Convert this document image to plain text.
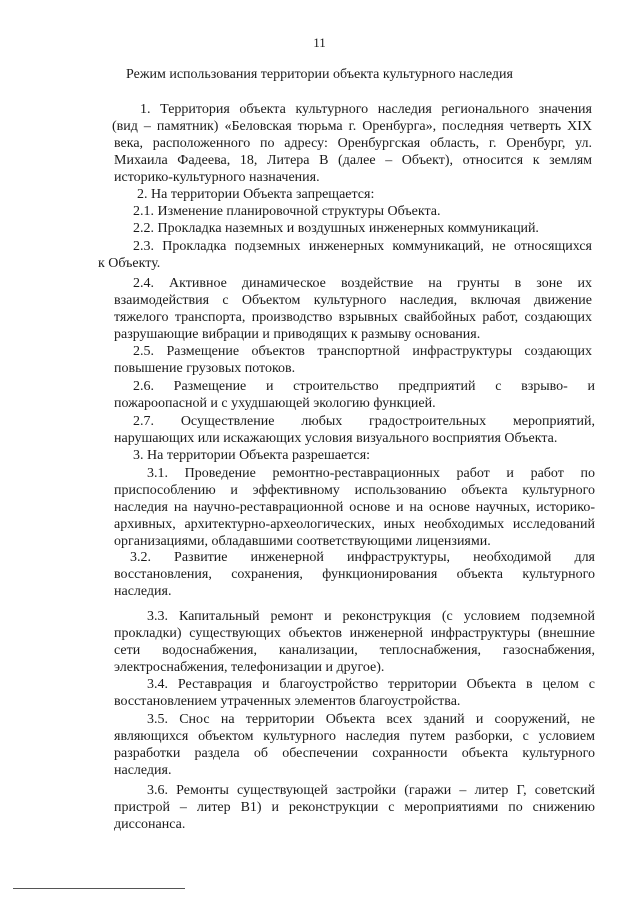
11
Режим использования территории объекта культурного наследия
1. Территория объекта культурного наследия регионального значения
(вид – памятник) «Беловская тюрьма г. Оренбурга», последняя четверть XIX
века, расположенного по адресу: Оренбургская область, г. Оренбург, ул.
Михаила Фадеева, 18, Литера В (далее – Объект), относится к землям
историко-культурного назначения.
2. На территории Объекта запрещается:
2.1. Изменение планировочной структуры Объекта.
2.2. Прокладка наземных и воздушных инженерных коммуникаций.
2.3. Прокладка подземных инженерных коммуникаций, не относящихся
к Объекту.
2.4. Активное динамическое воздействие на грунты в зоне их
взаимодействия с Объектом культурного наследия, включая движение
тяжелого транспорта, производство взрывных свайбойных работ, создающих
разрушающие вибрации и приводящих к размыву основания.
2.5. Размещение объектов транспортной инфраструктуры создающих
повышение грузовых потоков.
2.6. Размещение и строительство предприятий с взрыво- и
пожароопасной и с ухудшающей экологию функцией.
2.7. Осуществление любых градостроительных мероприятий,
нарушающих или искажающих условия визуального восприятия Объекта.
3. На территории Объекта разрешается:
3.1. Проведение ремонтно-реставрационных работ и работ по
приспособлению и эффективному использованию объекта культурного
наследия на научно-реставрационной основе и на основе научных, историко-
архивных, архитектурно-археологических, иных необходимых исследований
организациями, обладавшими соответствующими лицензиями.
3.2. Развитие инженерной инфраструктуры, необходимой для
восстановления, сохранения, функционирования объекта культурного
наследия.
3.3. Капитальный ремонт и реконструкция (с условием подземной
прокладки) существующих объектов инженерной инфраструктуры (внешние
сети водоснабжения, канализации, теплоснабжения, газоснабжения,
электроснабжения, телефонизации и другое).
3.4. Реставрация и благоустройство территории Объекта в целом с
восстановлением утраченных элементов благоустройства.
3.5. Снос на территории Объекта всех зданий и сооружений, не
являющихся объектом культурного наследия путем разборки, с условием
разработки раздела об обеспечении сохранности объекта культурного
наследия.
3.6. Ремонты существующей застройки (гаражи – литер Г, советский
пристрой – литер В1) и реконструкции с мероприятиями по снижению
диссонанса.
